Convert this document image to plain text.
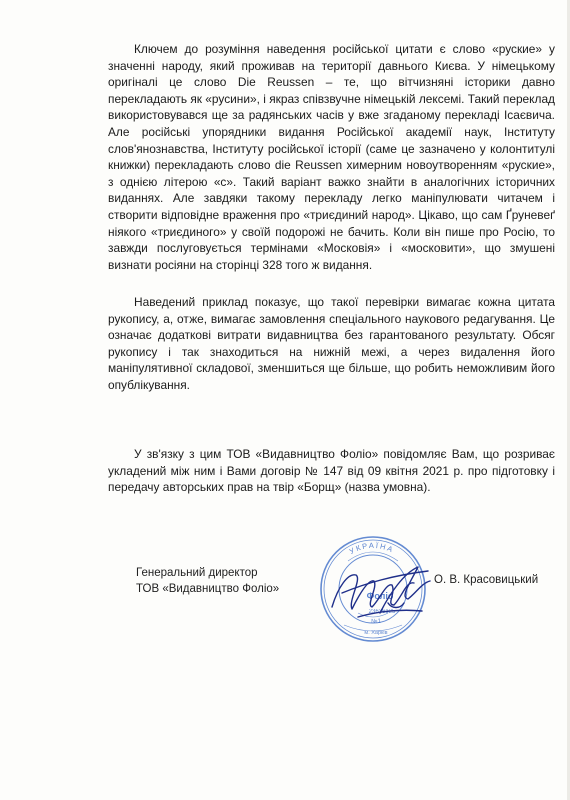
Ключем до розуміння наведення російської цитати є слово «руские» у значенні народу, який проживав на території давнього Києва. У німецькому оригіналі це слово Die Reussen – те, що вітчизняні історики давно перекладають як «русини», і якраз співзвучне німецькій лексемі. Такий переклад використовувався ще за радянських часів у вже згаданому перекладі Ісаєвича. Але російські упорядники видання Російської академії наук, Інституту слов'янознавства, Інституту російської історії (саме це зазначено у колонтитулі книжки) перекладають слово die Reussen химерним новоутворенням «руские», з однією літерою «с». Такий варіант важко знайти в аналогічних історичних виданнях. Але завдяки такому перекладу легко маніпулювати читачем і створити відповідне враження про «триєдиний народ». Цікаво, що сам Ґруневеґ ніякого «триєдиного» у своїй подорожі не бачить. Коли він пише про Росію, то завжди послуговується термінами «Московія» і «московити», що змушені визнати росіяни на сторінці 328 того ж видання.

Наведений приклад показує, що такої перевірки вимагає кожна цитата рукопису, а, отже, вимагає замовлення спеціального наукового редагування. Це означає додаткові витрати видавництва без гарантованого результату. Обсяг рукопису і так знаходиться на нижній межі, а через видалення його маніпулятивної складової, зменшиться ще більше, що робить неможливим його опублікування.

У зв'язку з цим ТОВ «Видавництво Фоліо» повідомляє Вам, що розриває укладений між ним і Вами договір № 147 від 09 квітня 2021 р. про підготовку і передачу авторських прав на твір «Борщ» (назва умовна).

Генеральний директор
ТОВ «Видавництво Фоліо»
УКРАЇНА
Фоліо
23636125
№1
м. Харків
О. В. Красовицький
